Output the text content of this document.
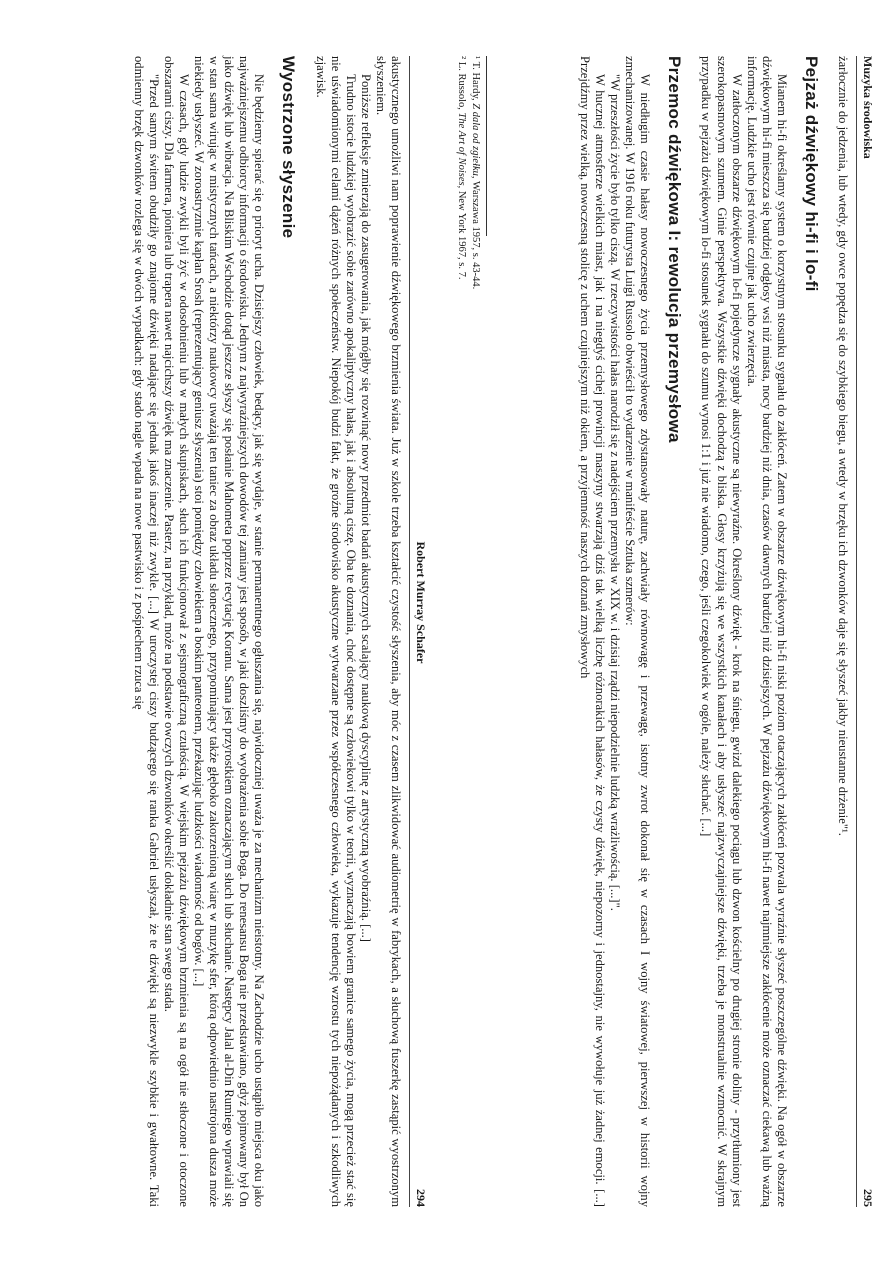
Robert Murray Schafer
294

akustycznego umożliwi nam poprawienie dźwiękowego brzmienia świata. Już w szkole trzeba kształcić czystość słyszenia, aby móc z czasem zlikwidować audiometrię w fabrykach, a słuchową fuszerkę zastąpić wyostrzonym słyszeniem.

Poniższe refleksje zmierzają do zasugerowania, jak mógłby się rozwinąć nowy przedmiot badań akustycznych scalający naukową dyscyplinę z artystyczną wyobraźnią. [...]

Trudno istocie ludzkiej wyobrazić sobie zarówno apokaliptyczny hałas, jak i absolutną ciszę. Oba te doznania, choć dostępne są człowiekowi tylko w teorii, wyznaczają bowiem granice samego życia, mogą przecież stać się nie uświadomionymi celami dążeń różnych społeczeństw. Niepokój budzi fakt, że groźne środowisko akustyczne wytwarzane przez współczesnego człowieka, wykazuje tendencję wzrostu tych niepożądanych i szkodliwych zjawisk.

Wyostrzone słyszenie

Nie będziemy spierać się o prioryt ucha. Dzisiejszy człowiek, bedący, jak się wydaje, w stanie permanentnego ogłuszania się, najwidoczniej uważa je za mechanizm nieistotny. Na Zachodzie ucho ustąpiło miejsca oku jako najważniejszemu odbiorcy informacji o środowisku. Jednym z najwyraźniejszych dowodów tej zamiany jest sposób, w jaki doszliśmy do wyobrażenia sobie Boga. Do renesansu Boga nie przedstawiano, gdyż pojmowany był On jako dźwięk lub wibracja. Na Bliskim Wschodzie dotąd jeszcze słyszy się posłanie Mahometa poprzez recytację Koranu. Sama jest przyrostkiem oznaczającym słuch lub słuchanie. Następcy Jalal al-Din Rumiego wprawiali się w stan sama wirując w mistycznych tańcach, a niektórzy naukowcy uważają ten taniec za obraz układu słonecznego, przypominający także głęboko zakorzenioną wiarę w muzykę sfer, którą odpowiednio nastrojona dusza może niekiedy usłyszeć. W zoroastryzmie kapłan Srosh (reprezentujący geniusz słyszenia) stoi pomiędzy człowiekiem a boskim panteonem, przekazując ludzkości wiadomość od bogów. [...]

W czasach, gdy ludzie zwykli byli żyć w odosobnieniu lub w małych skupiskach, słuch ich funkcjonował z sejsmograficzną czułością. W wiejskim pejzażu dźwiękowym brzmienia są na ogół nie stłoczone i otoczone obszarami ciszy. Dla farmera, pioniera lub trapera nawet najcichszy dźwięk ma znaczenie. Pasterz, na przykład, może na podstawie owczych dzwonków określić dokładnie stan swego stada.

"Przed samym świtem obudziły go znajome dźwięki nadające się jednak jakoś inaczej niż zwykle. [...] W uroczystej ciszy budzącego się ranka Gabriel usłyszał, że te dźwięki są niezwykle szybkie i gwałtowne. Taki odmienny brzęk dzwonków rozlega się w dwóch wypadkach: gdy stado nagle wpada na nowe pastwisko i z pośpiechem rzuca się	Muzyka środowiska
295

żarłocznie do jedzenia, lub wtedy, gdy owce popędza się do szybkiego biegu, a wtedy w brzęku ich dzwonków daje się słyszeć jakby nieustanne drżenie"¹.

Pejzaż dźwiękowy hi-fi i lo-fi

Mianem hi-fi określamy system o korzystnym stosunku sygnału do zakłóceń. Zatem w obszarze dźwiękowym hi-fi niski poziom otaczających zakłóceń pozwala wyraźnie słyszeć poszczególne dźwięki. Na ogół w obszarze dźwiękowym hi-fi mieszcza się bardziej odgłosy wsi niż miasta, nocy bardziej niż dnia, czasów dawnych bardziej niż dzisiejszych. W pejzażu dźwiękowym hi-fi nawet najmniejsze zakłócenie może oznaczać ciekawą lub ważną informację. Ludzkie ucho jest równie czujne jak ucho zwierzęcia.

W zatłoczonym obszarze dźwiękowym lo-fi pojedyncze sygnały akustyczne są niewyraźne. Określony dźwięk - krok na śniegu, gwizd dalekiego pociągu lub dzwon kościelny po drugiej stronie doliny - przytłumiony jest szerokopasmowym szumem. Ginie perspektywa. Wszystkie dźwięki dochodzą z bliska. Głosy krzyżują się we wszystkich kanałach i aby usłyszeć najzwyczajniejsze dźwięki, trzeba je monstrualnie wzmocnić. W skrajnym przypadku w pejzażu dźwiękowym lo-fi stosunek sygnału do szumu wynosi 1:1 i już nie wiadomo, czego, jeśli czegokolwiek w ogóle, należy słuchać. [...]

Przemoc dźwiękowa I: rewolucja przemysłowa

W niedługim czasie hałasy nowoczesnego życia przemysłowego zdystansowały naturę, zachwiały równowagę i przewagę, istotny zwrot dokonał się w czasach I wojny światowej, pierwszej w historii wojny zmechanizowanej. W 1916 roku futurysta Luigi Russolo obwieścił to wydarzenie w manifeście Sztuka szmerów:

"W przeszłości życie było tylko ciszą. W rzeczywistości hałas narodził się z nadejściem przemysłu w XIX w. i dzisiaj rządzi niepodzielnie ludzką wrażliwością. [...]".

W hucznej atmosferze wielkich miast, jak i na niegdyś cichej prowincji maszyny stwarzają dziś tak wielką liczbę różnorakich hałasów, że czysty dźwięk, niepozorny i jednostajny, nie wywołuje już żadnej emocji. [...] Przejdźmy przez wielką, nowoczesną stolicę z uchem czujniejszym niż okiem, a przyjemność naszych doznań zmysłowych

¹ T. Hardy, Z dala od zgiełku, Warszawa 1957, s. 43-44.
² L. Russolo, The Art of Noises, New York 1967, s. 7.
